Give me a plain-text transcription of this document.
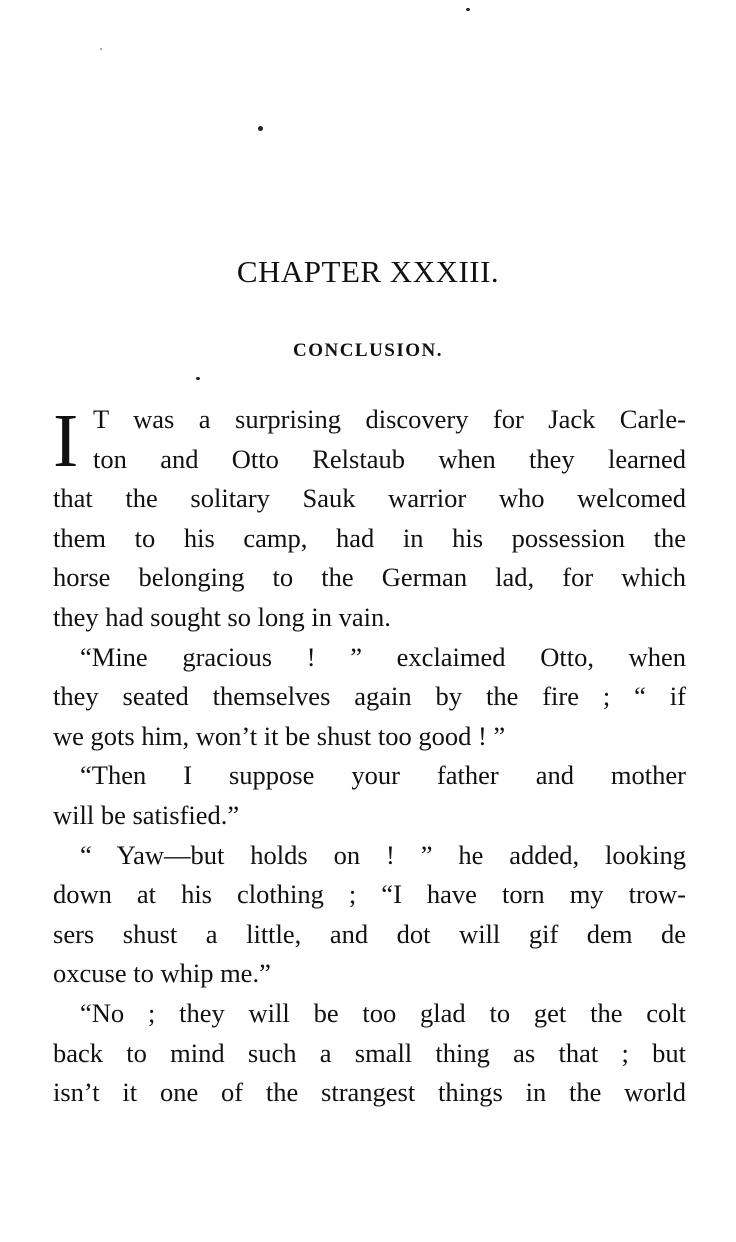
CHAPTER XXXIII.
CONCLUSION.
I T was a surprising discovery for Jack Carle-
ton and Otto Relstaub when they learned
that the solitary Sauk warrior who welcomed
them to his camp, had in his possession the
horse belonging to the German lad, for which
they had sought so long in vain.
“Mine gracious ! ” exclaimed Otto, when
they seated themselves again by the fire ; “ if
we gots him, won’t it be shust too good ! ”
“Then I suppose your father and mother
will be satisfied.”
“ Yaw—but holds on ! ” he added, looking
down at his clothing ; “I have torn my trow-
sers shust a little, and dot will gif dem de
oxcuse to whip me.”
“No ; they will be too glad to get the colt
back to mind such a small thing as that ; but
isn’t it one of the strangest things in the world
